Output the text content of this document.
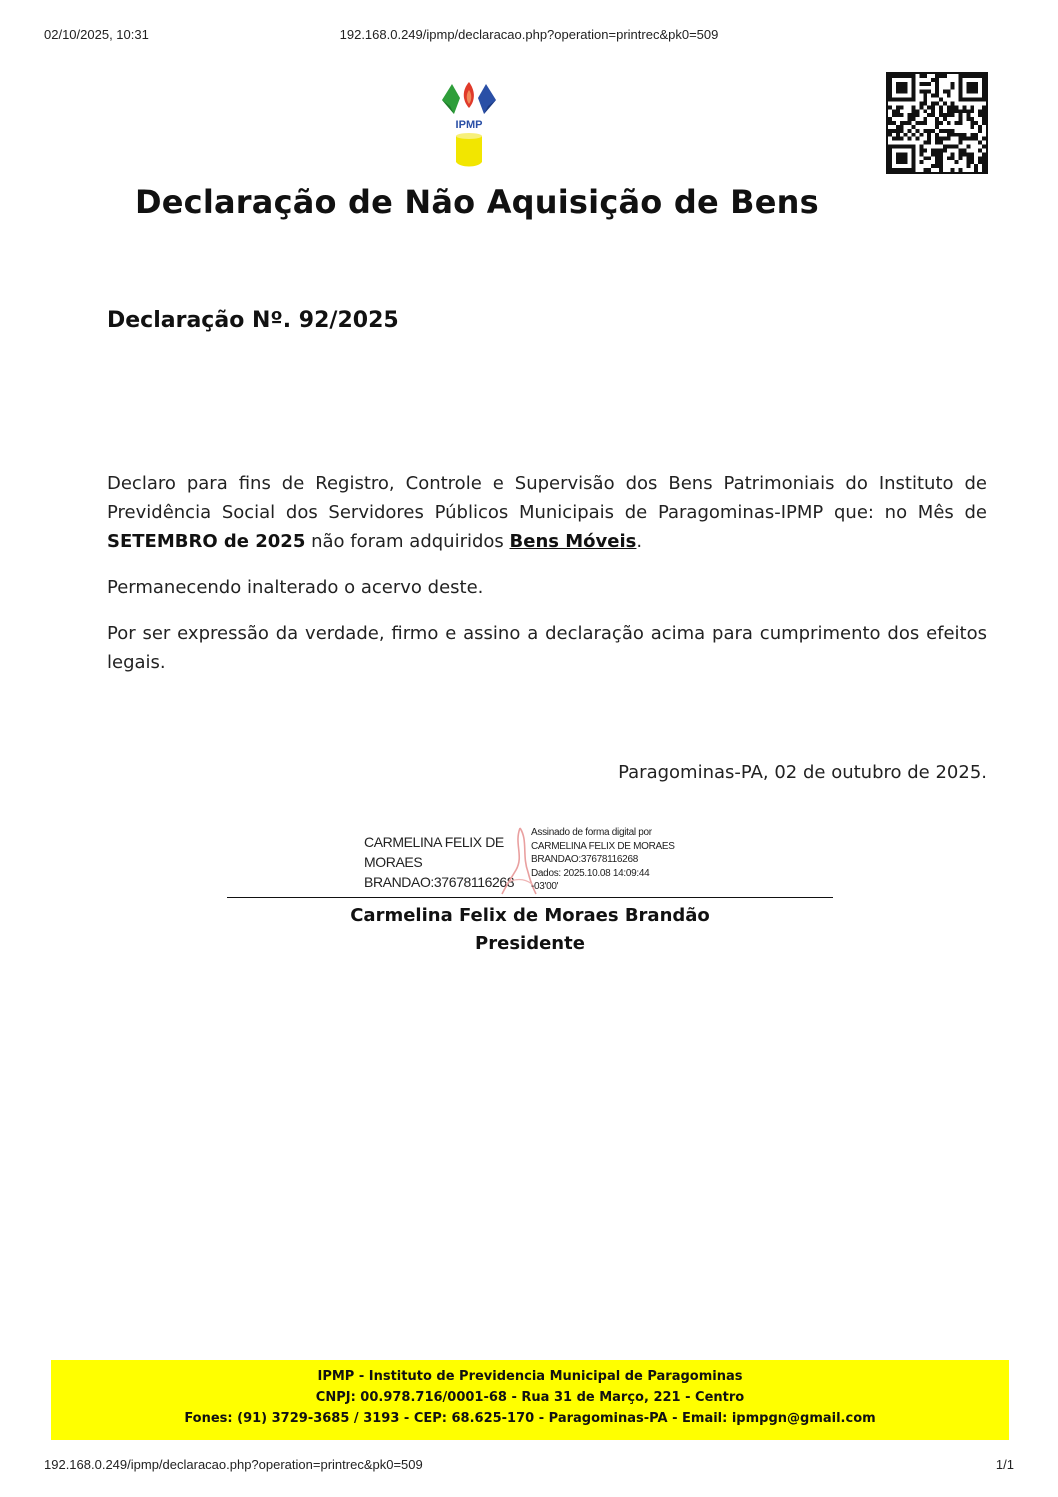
02/10/2025, 10:31	192.168.0.249/ipmp/declaracao.php?operation=printrec&pk0=509
IPMP
Declaração de Não Aquisição de Bens
Declaração Nº. 92/2025

Declaro para fins de Registro, Controle e Supervisão dos Bens Patrimoniais do Instituto de Previdência Social dos Servidores Públicos Municipais de Paragominas-IPMP que: no Mês de SETEMBRO de 2025 não foram adquiridos Bens Móveis.

Permanecendo inalterado o acervo deste.

Por ser expressão da verdade, firmo e assino a declaração acima para cumprimento dos efeitos legais.

Paragominas-PA, 02 de outubro de 2025.
CARMELINA FELIX DE
MORAES
BRANDAO:37678116268
Assinado de forma digital por
CARMELINA FELIX DE MORAES
BRANDAO:37678116268
Dados: 2025.10.08 14:09:44
-03'00'
Carmelina Felix de Moraes Brandão
Presidente
IPMP - Instituto de Previdencia Municipal de Paragominas
CNPJ: 00.978.716/0001-68 - Rua 31 de Março, 221 - Centro
Fones: (91) 3729-3685 / 3193 - CEP: 68.625-170 - Paragominas-PA - Email: ipmpgn@gmail.com
192.168.0.249/ipmp/declaracao.php?operation=printrec&pk0=509	1/1
